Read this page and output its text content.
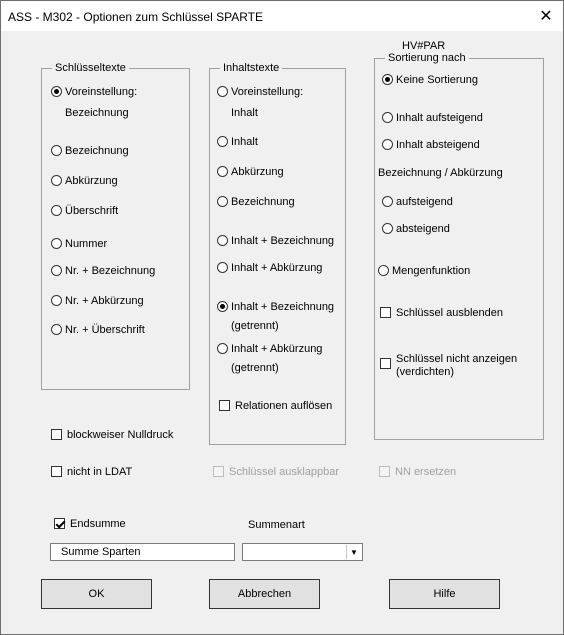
ASS - M302 - Optionen zum Schlüssel SPARTE	✕
Schlüsseltexte
Voreinstellung:
Bezeichnung
Bezeichnung
Abkürzung
Überschrift
Nummer
Nr. + Bezeichnung
Nr. + Abkürzung
Nr. + Überschrift
Inhaltstexte
Voreinstellung:
Inhalt
Inhalt
Abkürzung
Bezeichnung
Inhalt + Bezeichnung
Inhalt + Abkürzung
Inhalt + Bezeichnung
(getrennt)
Inhalt + Abkürzung
(getrennt)
Relationen auflösen
HV#PAR
Sortierung nach
Keine Sortierung
Inhalt aufsteigend
Inhalt absteigend
Bezeichnung / Abkürzung
aufsteigend
absteigend
Mengenfunktion
Schlüssel ausblenden
Schlüssel nicht anzeigen
(verdichten)
blockweiser Nulldruck
nicht in LDAT	Schlüssel ausklappbar	NN ersetzen
Endsumme	Summenart
Summe Sparten	▼
OK	Abbrechen	Hilfe
